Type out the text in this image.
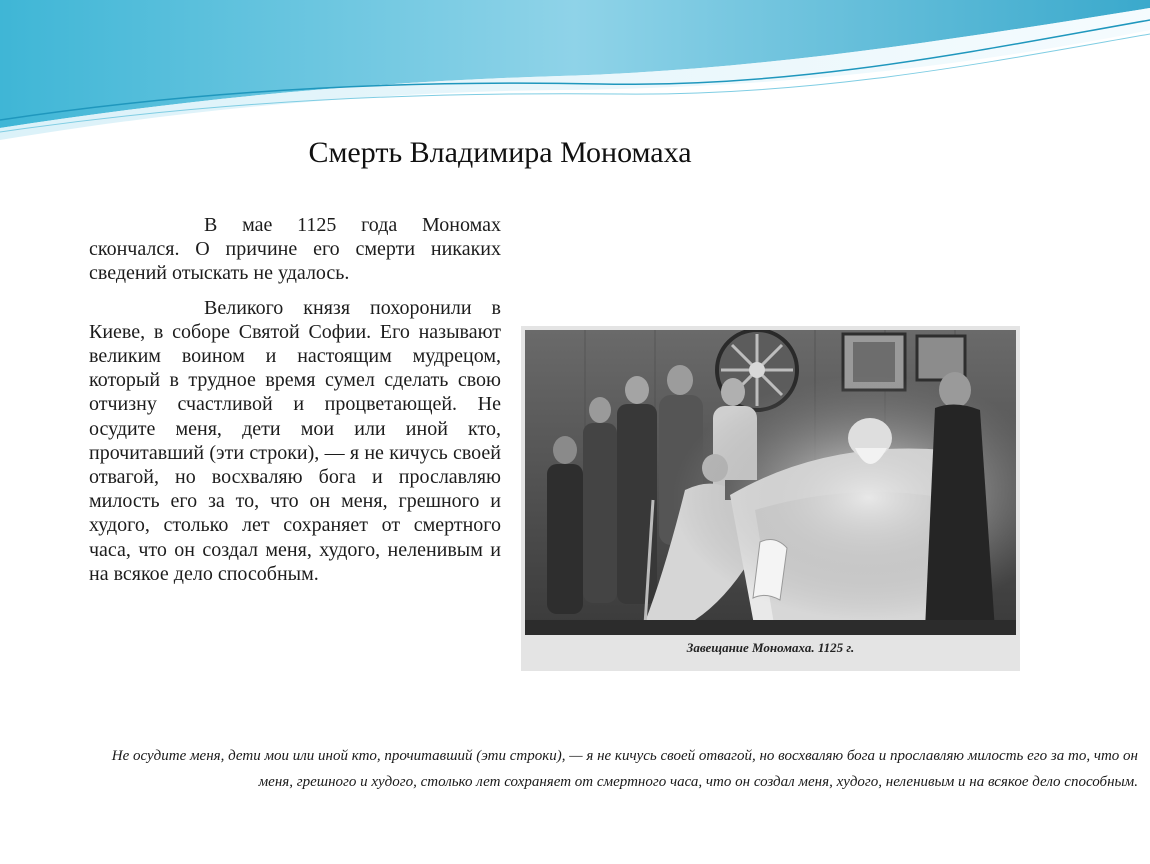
Смерть Владимира Мономаха

В мае 1125 года Мономах скончался. О причине его смерти никаких сведений отыскать не удалось.

Великого князя похоронили в Киеве, в соборе Святой Софии. Его называют великим воином и настоящим мудрецом, который в трудное время сумел сделать свою отчизну счастливой и процветающей. Не осудите меня, дети мои или иной кто, прочитавший (эти строки), — я не кичусь своей отвагой, но восхваляю бога и прославляю милость его за то, что он меня, грешного и худого, столько лет сохраняет от смертного часа, что он создал меня, худого, неленивым и на всякое дело способным.

Завещание Мономаха. 1125 г.
Не осудите меня, дети мои или иной кто, прочитавший (эти строки), — я не кичусь своей отвагой, но восхваляю бога и прославляю милость его за то, что он меня, грешного и худого, столько лет сохраняет от смертного часа, что он создал меня, худого, неленивым и на всякое дело способным.
